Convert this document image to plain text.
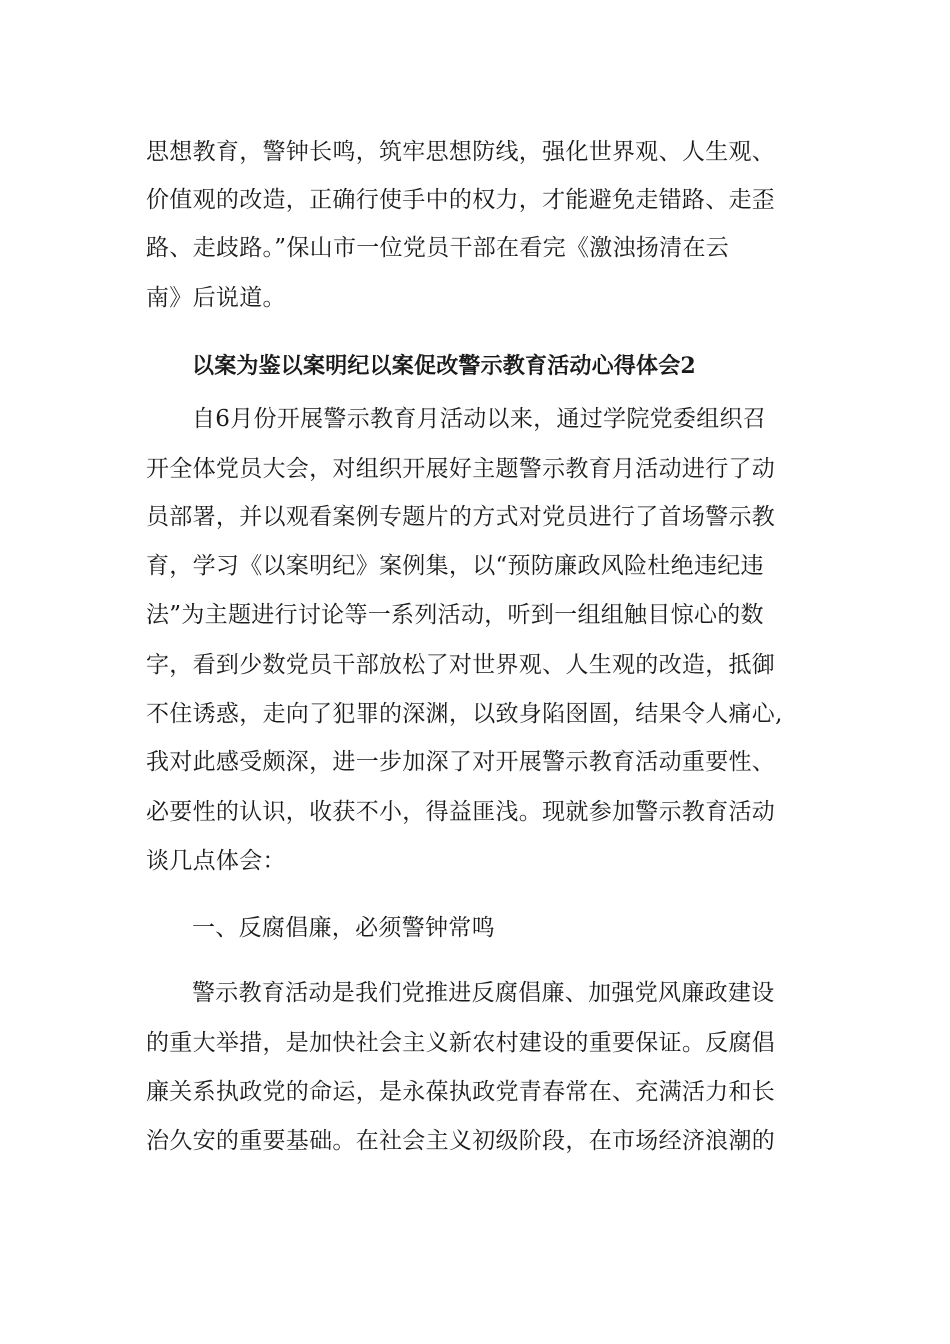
思想教育，警钟长鸣，筑牢思想防线，强化世界观、人生观、
价值观的改造，正确行使手中的权力，才能避免走错路、走歪
路、走歧路。”保山市一位党员干部在看完《激浊扬清在云
南》后说道。
以案为鉴以案明纪以案促改警示教育活动心得体会2
自6月份开展警示教育月活动以来，通过学院党委组织召
开全体党员大会，对组织开展好主题警示教育月活动进行了动
员部署，并以观看案例专题片的方式对党员进行了首场警示教
育，学习《以案明纪》案例集，以“预防廉政风险杜绝违纪违
法”为主题进行讨论等一系列活动，听到一组组触目惊心的数
字，看到少数党员干部放松了对世界观、人生观的改造，抵御
不住诱惑，走向了犯罪的深渊，以致身陷囹圄，结果令人痛心,
我对此感受颇深，进一步加深了对开展警示教育活动重要性、
必要性的认识，收获不小，得益匪浅。现就参加警示教育活动
谈几点体会：
一、反腐倡廉，必须警钟常鸣
警示教育活动是我们党推进反腐倡廉、加强党风廉政建设
的重大举措，是加快社会主义新农村建设的重要保证。反腐倡
廉关系执政党的命运，是永葆执政党青春常在、充满活力和长
治久安的重要基础。在社会主义初级阶段，在市场经济浪潮的
